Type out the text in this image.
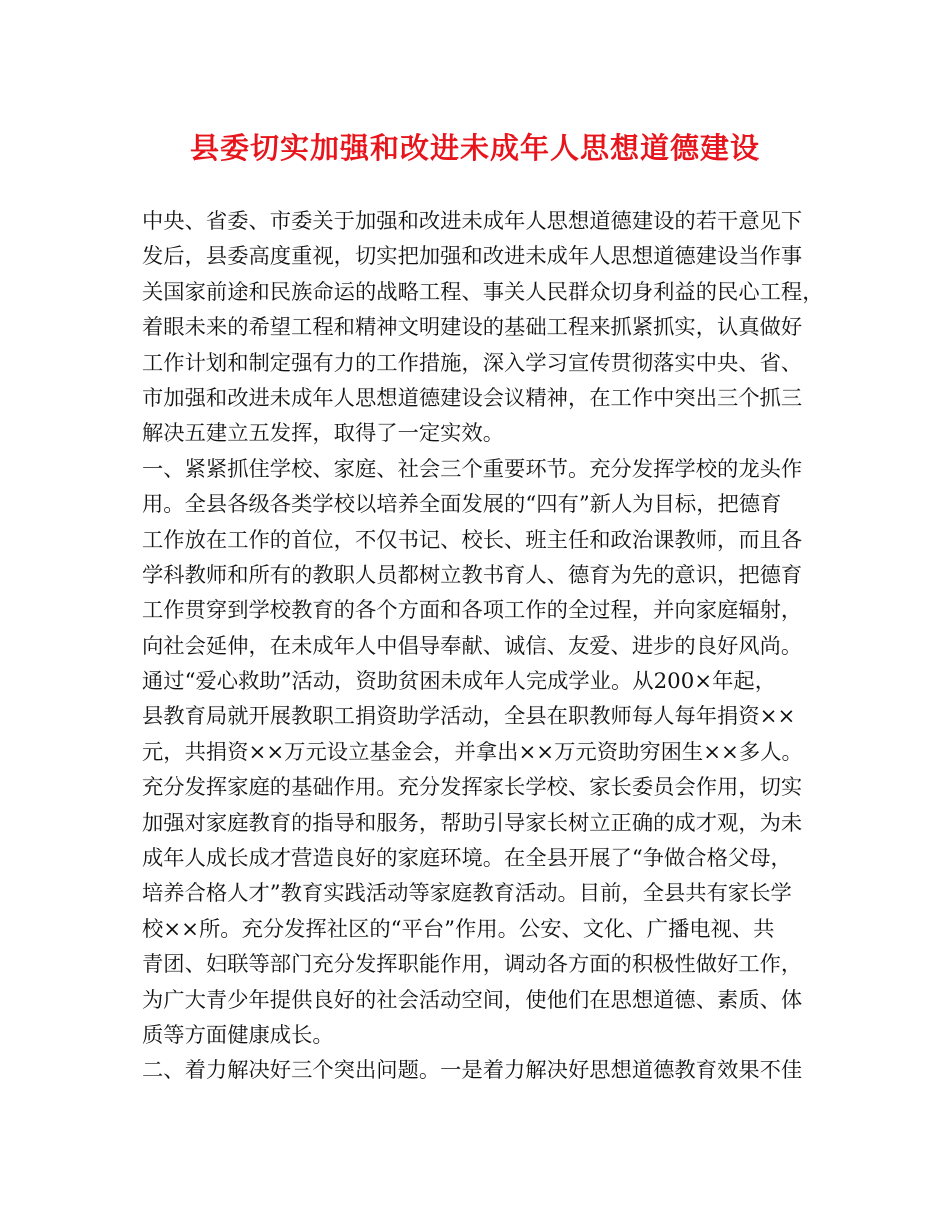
县委切实加强和改进未成年人思想道德建设
中央、省委、市委关于加强和改进未成年人思想道德建设的若干意见下
发后，县委高度重视，切实把加强和改进未成年人思想道德建设当作事
关国家前途和民族命运的战略工程、事关人民群众切身利益的民心工程，
着眼未来的希望工程和精神文明建设的基础工程来抓紧抓实，认真做好
工作计划和制定强有力的工作措施，深入学习宣传贯彻落实中央、省、
市加强和改进未成年人思想道德建设会议精神，在工作中突出三个抓三
解决五建立五发挥，取得了一定实效。
一、紧紧抓住学校、家庭、社会三个重要环节。充分发挥学校的龙头作
用。全县各级各类学校以培养全面发展的“四有”新人为目标，把德育
工作放在工作的首位，不仅书记、校长、班主任和政治课教师，而且各
学科教师和所有的教职人员都树立教书育人、德育为先的意识，把德育
工作贯穿到学校教育的各个方面和各项工作的全过程，并向家庭辐射，
向社会延伸，在未成年人中倡导奉献、诚信、友爱、进步的良好风尚。
通过“爱心救助”活动，资助贫困未成年人完成学业。从200×年起，
县教育局就开展教职工捐资助学活动，全县在职教师每人每年捐资××
元，共捐资××万元设立基金会，并拿出××万元资助穷困生××多人。
充分发挥家庭的基础作用。充分发挥家长学校、家长委员会作用，切实
加强对家庭教育的指导和服务，帮助引导家长树立正确的成才观，为未
成年人成长成才营造良好的家庭环境。在全县开展了“争做合格父母，
培养合格人才”教育实践活动等家庭教育活动。目前，全县共有家长学
校××所。充分发挥社区的“平台”作用。公安、文化、广播电视、共
青团、妇联等部门充分发挥职能作用，调动各方面的积极性做好工作，
为广大青少年提供良好的社会活动空间，使他们在思想道德、素质、体
质等方面健康成长。
二、着力解决好三个突出问题。一是着力解决好思想道德教育效果不佳
